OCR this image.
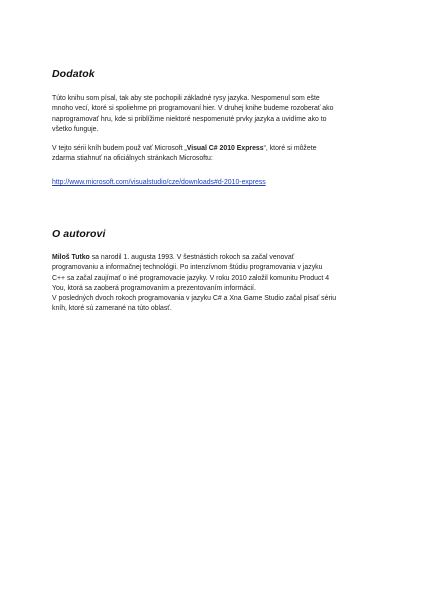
Dodatok

Túto knihu som písal, tak aby ste pochopili základné rysy jazyka. Nespomenul som ešte
mnoho vecí, ktoré si spoliehme pri programovaní hier. V druhej knihe budeme rozoberať ako
naprogramovať hru, kde si priblížime niektoré nespomenuté prvky jazyka a uvidíme ako to
všetko funguje.

V tejto sérii kníh budem použ vať Microsoft „Visual C# 2010 Express“, ktoré si môžete
zdarma stiahnuť na oficiálnych stránkach Microsoftu:

http://www.microsoft.com/visualstudio/cze/downloads#d-2010-express
O autorovi

Miloš Tutko sa narodil 1. augusta 1993. V šestnástich rokoch sa začal venovať
programovaniu a informačnej technológii. Po intenzívnom štúdiu programovania v jazyku
C++ sa začal zaujímať o iné programovacie jazyky. V roku 2010 založil komunitu Product 4
You, ktorá sa zaoberá programovaním a prezentovaním informácií.
V posledných dvoch rokoch programovania v jazyku C# a Xna Game Studio začal písať sériu
kníh, ktoré sú zamerané na túto oblasť.
